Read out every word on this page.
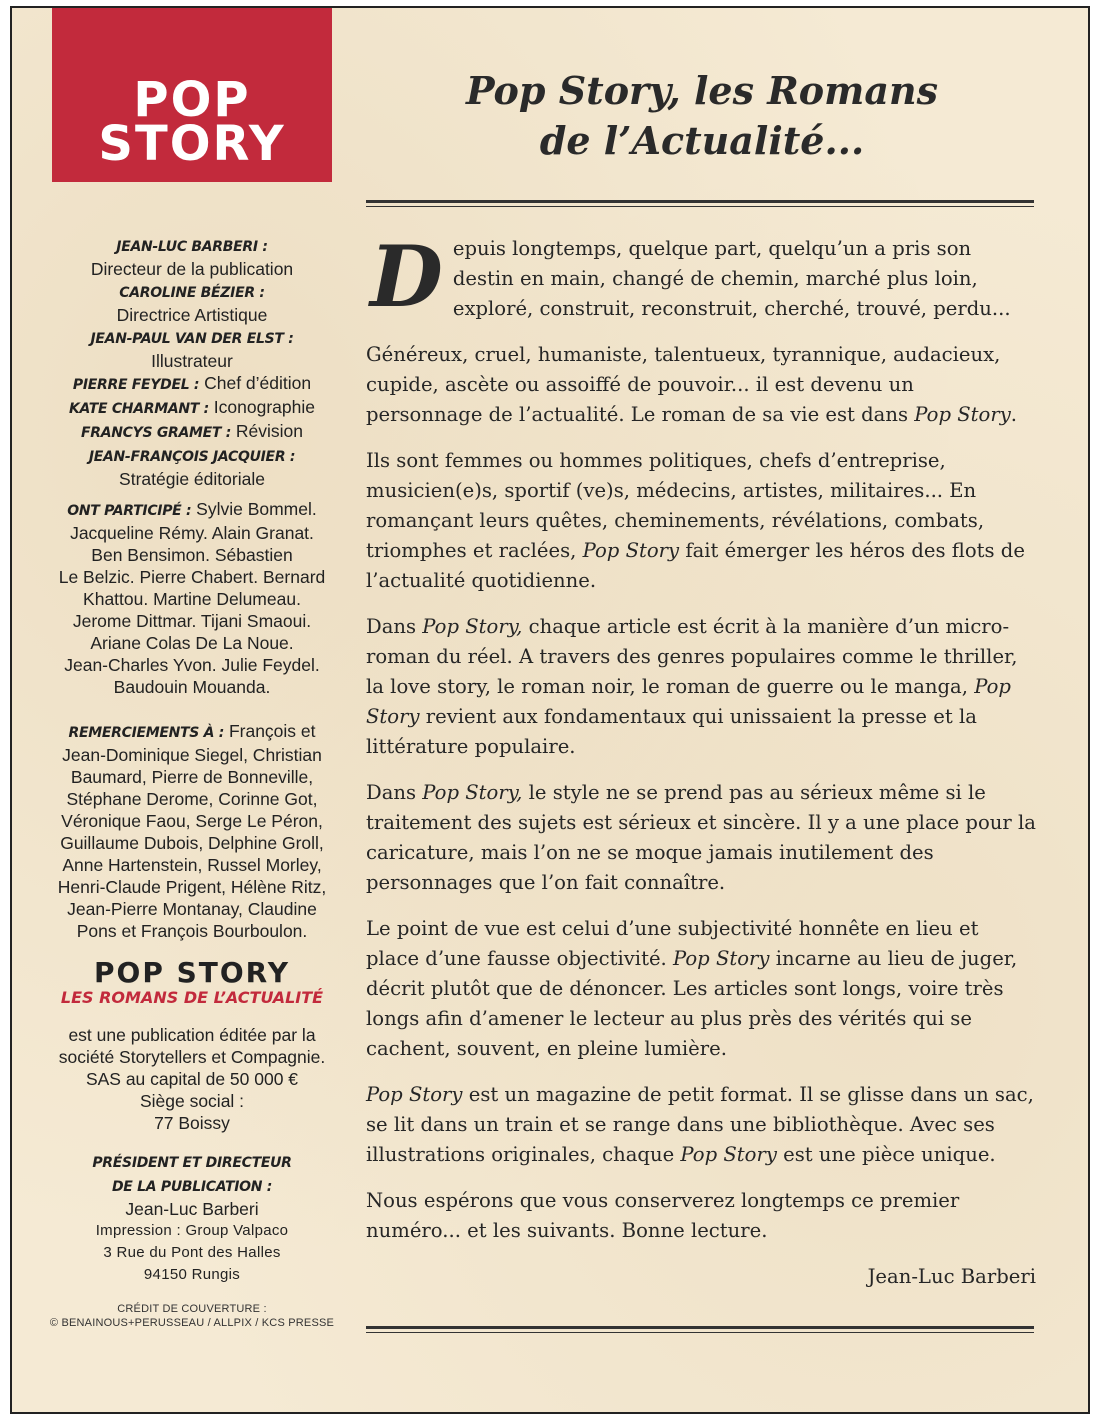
POP
STORY

JEAN-LUC BARBERI :

Directeur de la publication

CAROLINE BÉZIER :

Directrice Artistique

JEAN-PAUL VAN DER ELST :

Illustrateur

PIERRE FEYDEL : Chef d’édition

KATE CHARMANT : Iconographie

FRANCYS GRAMET : Révision

JEAN-FRANÇOIS JACQUIER :

Stratégie éditoriale

ONT PARTICIPÉ : Sylvie Bommel.

Jacqueline Rémy. Alain Granat.

Ben Bensimon. Sébastien

Le Belzic. Pierre Chabert. Bernard

Khattou. Martine Delumeau.

Jerome Dittmar. Tijani Smaoui.

Ariane Colas De La Noue.

Jean-Charles Yvon. Julie Feydel.

Baudouin Mouanda.

REMERCIEMENTS À : François et

Jean-Dominique Siegel, Christian

Baumard, Pierre de Bonneville,

Stéphane Derome, Corinne Got,

Véronique Faou, Serge Le Péron,

Guillaume Dubois, Delphine Groll,

Anne Hartenstein, Russel Morley,

Henri-Claude Prigent, Hélène Ritz,

Jean-Pierre Montanay, Claudine

Pons et François Bourboulon.

POP STORY
LES ROMANS DE L’ACTUALITÉ

est une publication éditée par la

société Storytellers et Compagnie.

SAS au capital de 50 000 €

Siège social :

77 Boissy

PRÉSIDENT ET DIRECTEUR

DE LA PUBLICATION :

Jean-Luc Barberi

Impression : Group Valpaco

3 Rue du Pont des Halles

94150 Rungis

CRÉDIT DE COUVERTURE :
© BENAINOUS+PERUSSEAU / ALLPIX / KCS PRESSE
Pop Story, les Romans
de l’Actualité...

Depuis longtemps, quelque part, quelqu’un a pris son destin en main, changé de chemin, marché plus loin, exploré, construit, reconstruit, cherché, trouvé, perdu...

Généreux, cruel, humaniste, talentueux, tyrannique, audacieux, cupide, ascète ou assoiffé de pouvoir... il est devenu un personnage de l’actualité. Le roman de sa vie est dans Pop Story.

Ils sont femmes ou hommes politiques, chefs d’entreprise, musicien(e)s, sportif (ve)s, médecins, artistes, militaires... En romançant leurs quêtes, cheminements, révélations, combats, triomphes et raclées, Pop Story fait émerger les héros des flots de l’actualité quotidienne.

Dans Pop Story, chaque article est écrit à la manière d’un micro-roman du réel. A travers des genres populaires comme le thriller, la love story, le roman noir, le roman de guerre ou le manga, Pop Story revient aux fondamentaux qui unissaient la presse et la littérature populaire.

Dans Pop Story, le style ne se prend pas au sérieux même si le traitement des sujets est sérieux et sincère. Il y a une place pour la caricature, mais l’on ne se moque jamais inutilement des personnages que l’on fait connaître.

Le point de vue est celui d’une subjectivité honnête en lieu et place d’une fausse objectivité. Pop Story incarne au lieu de juger, décrit plutôt que de dénoncer. Les articles sont longs, voire très longs afin d’amener le lecteur au plus près des vérités qui se cachent, souvent, en pleine lumière.

Pop Story est un magazine de petit format. Il se glisse dans un sac, se lit dans un train et se range dans une bibliothèque. Avec ses illustrations originales, chaque Pop Story est une pièce unique.

Nous espérons que vous conserverez longtemps ce premier numéro... et les suivants. Bonne lecture.

Jean-Luc Barberi
